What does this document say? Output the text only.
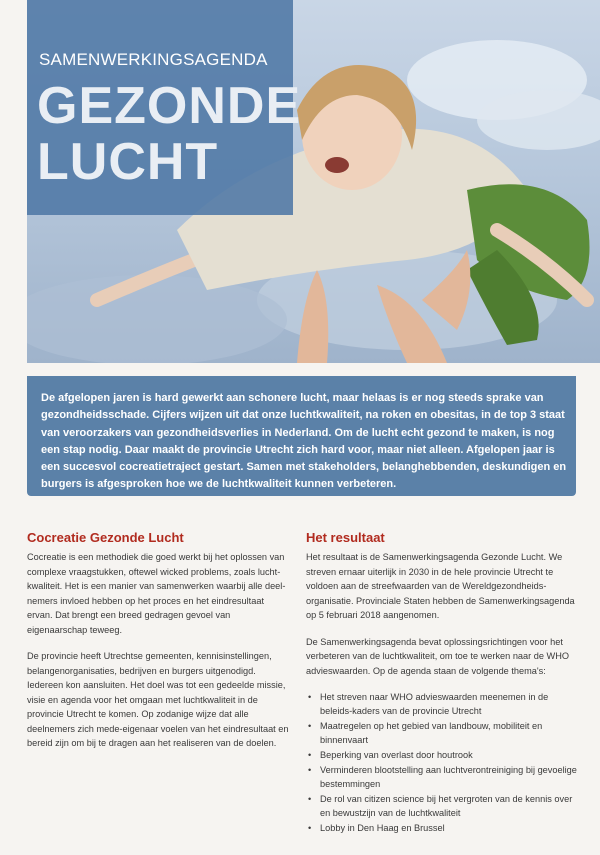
SAMENWERKINGSAGENDA
GEZONDE
LUCHT

De afgelopen jaren is hard gewerkt aan schonere lucht, maar helaas is er nog steeds sprake van gezondheidsschade. Cijfers wijzen uit dat onze luchtkwaliteit, na roken en obesitas, in de top 3 staat van veroorzakers van gezondheidsverlies in Nederland. Om de lucht echt gezond te maken, is nog een stap nodig. Daar maakt de provincie Utrecht zich hard voor, maar niet alleen. Afgelopen jaar is een succesvol cocreatietraject gestart. Samen met stakeholders, belanghebbenden, deskundigen en burgers is afgesproken hoe we de luchtkwaliteit kunnen verbeteren.

Cocreatie Gezonde Lucht

Cocreatie is een methodiek die goed werkt bij het oplossen van complexe vraagstukken, oftewel wicked problems, zoals lucht-kwaliteit. Het is een manier van samenwerken waarbij alle deel-nemers invloed hebben op het proces en het eindresultaat ervan. Dat brengt een breed gedragen gevoel van eigenaarschap teweeg.

De provincie heeft Utrechtse gemeenten, kennisinstellingen, belangenorganisaties, bedrijven en burgers uitgenodigd. Iedereen kon aansluiten. Het doel was tot een gedeelde missie, visie en agenda voor het omgaan met luchtkwaliteit in de provincie Utrecht te komen. Op zodanige wijze dat alle deelnemers zich mede-eigenaar voelen van het eindresultaat en bereid zijn om bij te dragen aan het realiseren van de doelen.

Het resultaat

Het resultaat is de Samenwerkingsagenda Gezonde Lucht. We streven ernaar uiterlijk in 2030 in de hele provincie Utrecht te voldoen aan de streefwaarden van de Wereldgezondheids-organisatie. Provinciale Staten hebben de Samenwerkingsagenda op 5 februari 2018 aangenomen.

De Samenwerkingsagenda bevat oplossingsrichtingen voor het verbeteren van de luchtkwaliteit, om toe te werken naar de WHO advieswaarden. Op de agenda staan de volgende thema's:

• Het streven naar WHO advieswaarden meenemen in de beleids-kaders van de provincie Utrecht
• Maatregelen op het gebied van landbouw, mobiliteit en binnenvaart
• Beperking van overlast door houtrook
• Verminderen blootstelling aan luchtverontreiniging bij gevoelige bestemmingen
• De rol van citizen science bij het vergroten van de kennis over en bewustzijn van de luchtkwaliteit
• Lobby in Den Haag en Brussel
